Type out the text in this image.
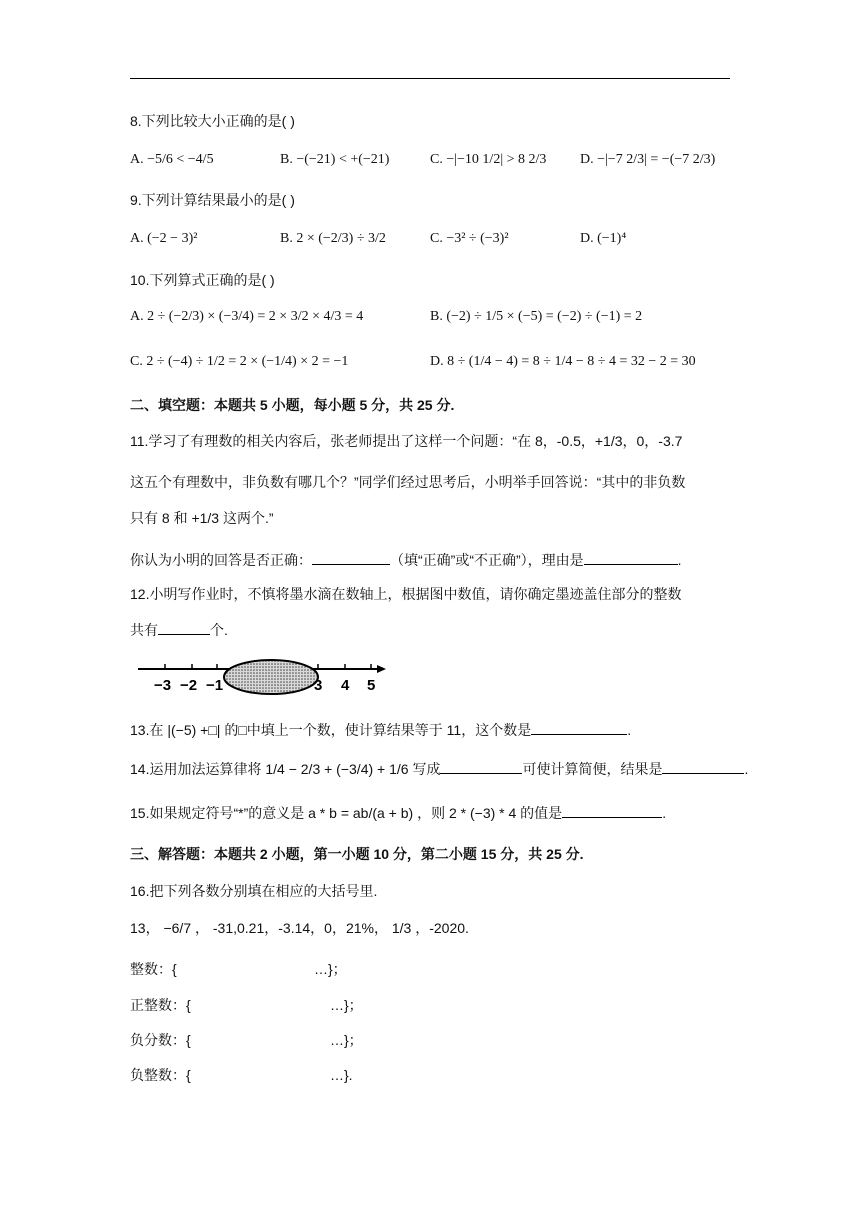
8.下列比较大小正确的是( )
A. −5/6 < −4/5	B. −(−21) < +(−21)	C. −|−10 1/2| > 8 2/3 D. −|−7 2/3| = −(−7 2/3)
9.下列计算结果最小的是( )
A. (−2 − 3)²	B. 2 × (−2/3) ÷ 3/2	C. −3² ÷ (−3)²	D. (−1)⁴
10.下列算式正确的是( )
A. 2 ÷ (−2/3) × (−3/4) = 2 × 3/2 × 4/3 = 4	B. (−2) ÷ 1/5 × (−5) = (−2) ÷ (−1) = 2
C. 2 ÷ (−4) ÷ 1/2 = 2 × (−1/4) × 2 = −1	D. 8 ÷ (1/4 − 4) = 8 ÷ 1/4 − 8 ÷ 4 = 32 − 2 = 30
二、填空题：本题共 5 小题，每小题 5 分，共 25 分.
11.学习了有理数的相关内容后，张老师提出了这样一个问题：“在 8，-0.5，+1/3，0，-3.7
这五个有理数中，非负数有哪几个？”同学们经过思考后，小明举手回答说：“其中的非负数
只有 8 和 +1/3 这两个.”
你认为小明的回答是否正确：	（填“正确”或“不正确”），理由是	.
12.小明写作业时，不慎将墨水滴在数轴上，根据图中数值，请你确定墨迹盖住部分的整数
共有	个.
−3 −2 −1	3 4 5
13.在 |(−5) +□| 的□中填上一个数，使计算结果等于 11，这个数是	.
14.运用加法运算律将 1/4 − 2/3 + (−3/4) + 1/6 写成	可使计算简便，结果是	.
15.如果规定符号“*”的意义是 a * b = ab/(a + b) ，则 2 * (−3) * 4 的值是	.
三、解答题：本题共 2 小题，第一小题 10 分，第二小题 15 分，共 25 分.
16.把下列各数分别填在相应的大括号里.
13， −6/7 ， -31,0.21，-3.14，0，21%， 1/3 ，-2020.
整数：{	…}；
正整数：{	…}；
负分数：{	…}；
负整数：{	…}.
